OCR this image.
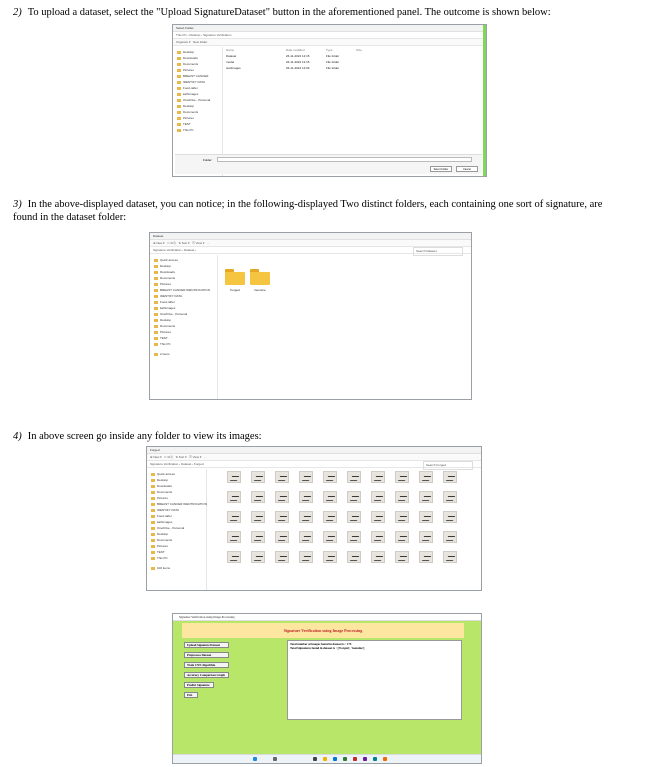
2) To upload a dataset, select the "Upload SignatureDataset" button in the aforementioned panel. The outcome is shown below:
Select Folder
This PC › Desktop › Signature Verification
Organize ▾   New folder
Desktop
Downloads
Documents
Pictures
BREAST CANCER
IDENTIFY DATA
Food-rafter
kathimages
OneDrive - Personal
Desktop
Documents
Pictures
TEST
This PC
Name	Date modified	Type	Size
Dataset	26-11-2022 12:15	File folder
model	26-11-2022 12:15	File folder
testImages	26-11-2022 12:09	File folder
Folder:
Select Folder	Cancel
3) In the above-displayed dataset, you can notice; in the following-displayed Two distinct folders, each containing one sort of signature, are found in the dataset folder:
Dataset
⊕ New ▾   ✂ ⧉ ⎘   ⇅ Sort ▾   ☰ View ▾   ···
Signature Verification › Dataset ›	Search Dataset
Quick access
Desktop
Downloads
Documents
Pictures
BREAST CANCER IDENTIFICATION
IDENTIFY DATA
Food-rafter
kathimages
OneDrive - Personal
Desktop
Documents
Pictures
TEST
This PC
2 items
Forged	Genuine
4) In above screen go inside any folder to view its images:
Forged
⊕ New ▾   ✂ ⧉ ⎘   ⇅ Sort ▾   ☰ View ▾   ···
Signature Verification › Dataset › Forged	Search Forged
Quick access
Desktop
Downloads
Documents
Pictures
BREAST CANCER IDENTIFICATION
IDENTIFY DATA
Food-rafter
kathimages
OneDrive - Personal
Desktop
Documents
Pictures
TEST
This PC
100 items
Signature Verification using Image Processing
Signature Verification using Image Processing
Upload Signature Dataset
Preprocess Dataset
Train CNN Algorithm
Accuracy Comparison Graph
Predict Signature
Exit
Total number of images found in dataset is : 175
Total Signatures found in dataset is : ['Forged', 'Genuine']
